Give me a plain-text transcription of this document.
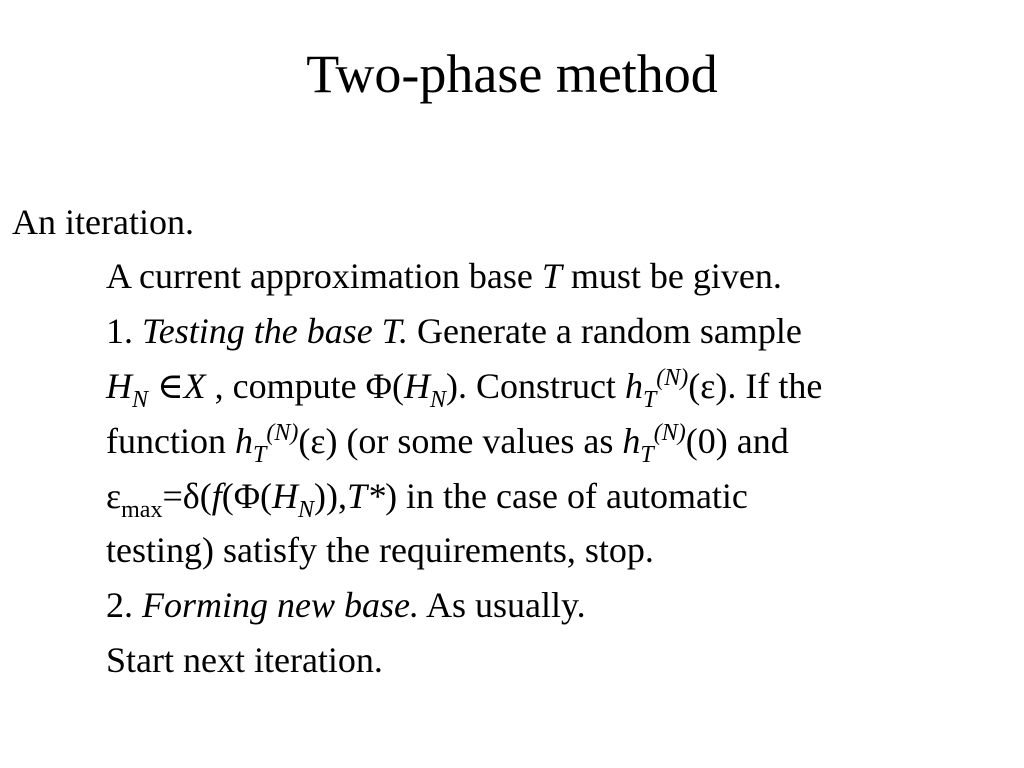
Two-phase method
An iteration.
A current approximation base T must be given.
1. Testing the base T. Generate a random sample
$H_N$ ∈X , compute $\Phi(H_N)$. Construct $h_T^{(N)}(\varepsilon)$. If the
function $h_T^{(N)}(\varepsilon)$ (or some values as $h_T^{(N)}(0)$ and
$\varepsilon_{max}=\delta(f(\Phi(H_N)),T*)$ in the case of automatic
testing) satisfy the requirements, stop.
2. Forming new base. As usually.
Start next iteration.
